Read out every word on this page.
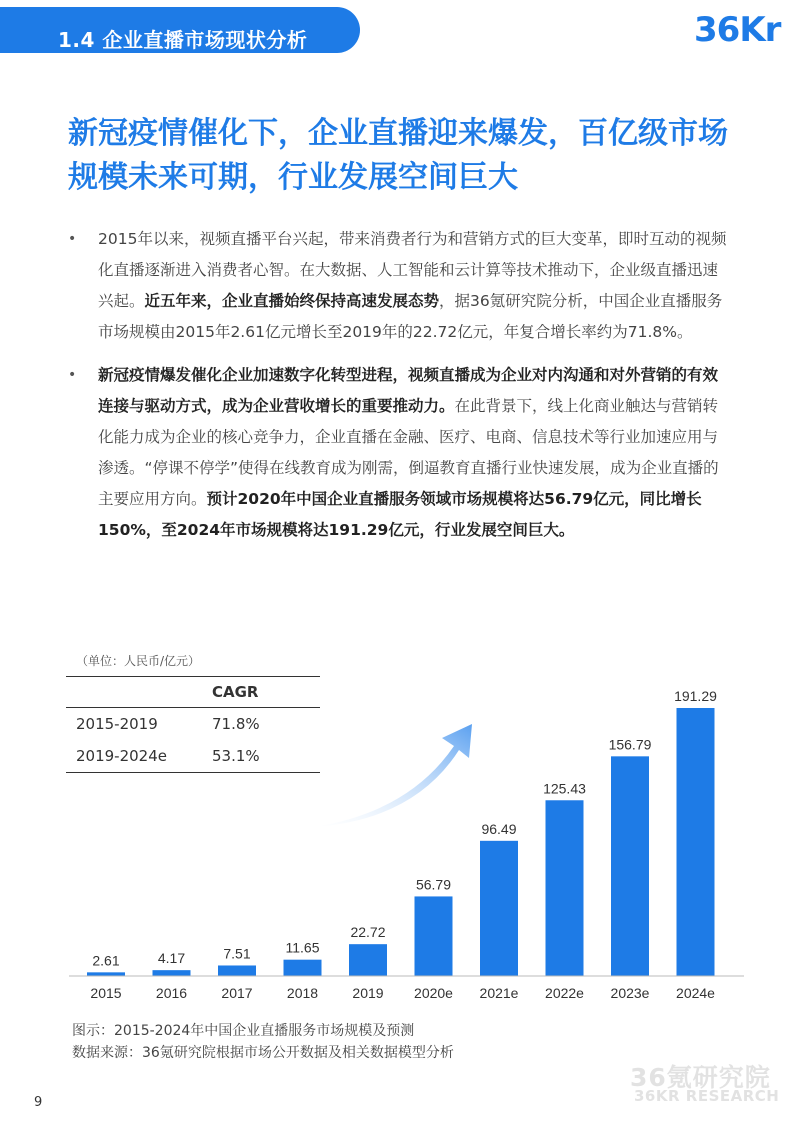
1.4 企业直播市场现状分析	36Kr
新冠疫情催化下，企业直播迎来爆发，百亿级市场规模未来可期，行业发展空间巨大
• 2015年以来，视频直播平台兴起，带来消费者行为和营销方式的巨大变革，即时互动的视频化直播逐渐进入消费者心智。在大数据、人工智能和云计算等技术推动下，企业级直播迅速兴起。近五年来，企业直播始终保持高速发展态势，据36氪研究院分析，中国企业直播服务市场规模由2015年2.61亿元增长至2019年的22.72亿元，年复合增长率约为71.8%。
• 新冠疫情爆发催化企业加速数字化转型进程，视频直播成为企业对内沟通和对外营销的有效连接与驱动方式，成为企业营收增长的重要推动力。在此背景下，线上化商业触达与营销转化能力成为企业的核心竞争力，企业直播在金融、医疗、电商、信息技术等行业加速应用与渗透。“停课不停学”使得在线教育成为刚需，倒逼教育直播行业快速发展，成为企业直播的主要应用方向。预计2020年中国企业直播服务领域市场规模将达56.79亿元，同比增长150%，至2024年市场规模将达191.29亿元，行业发展空间巨大。
（单位：人民币/亿元）
2.61
2015
4.17
2016
7.51
2017
11.65
2018
22.72
2019
56.79
2020e
96.49
2021e
125.43
2022e
156.79
2023e
191.29
2024e
	CAGR
2015-2019	71.8%
2019-2024e	53.1%
图示：2015-2024年中国企业直播服务市场规模及预测
数据来源：36氪研究院根据市场公开数据及相关数据模型分析
36氪研究院
36KR RESEARCH
9
